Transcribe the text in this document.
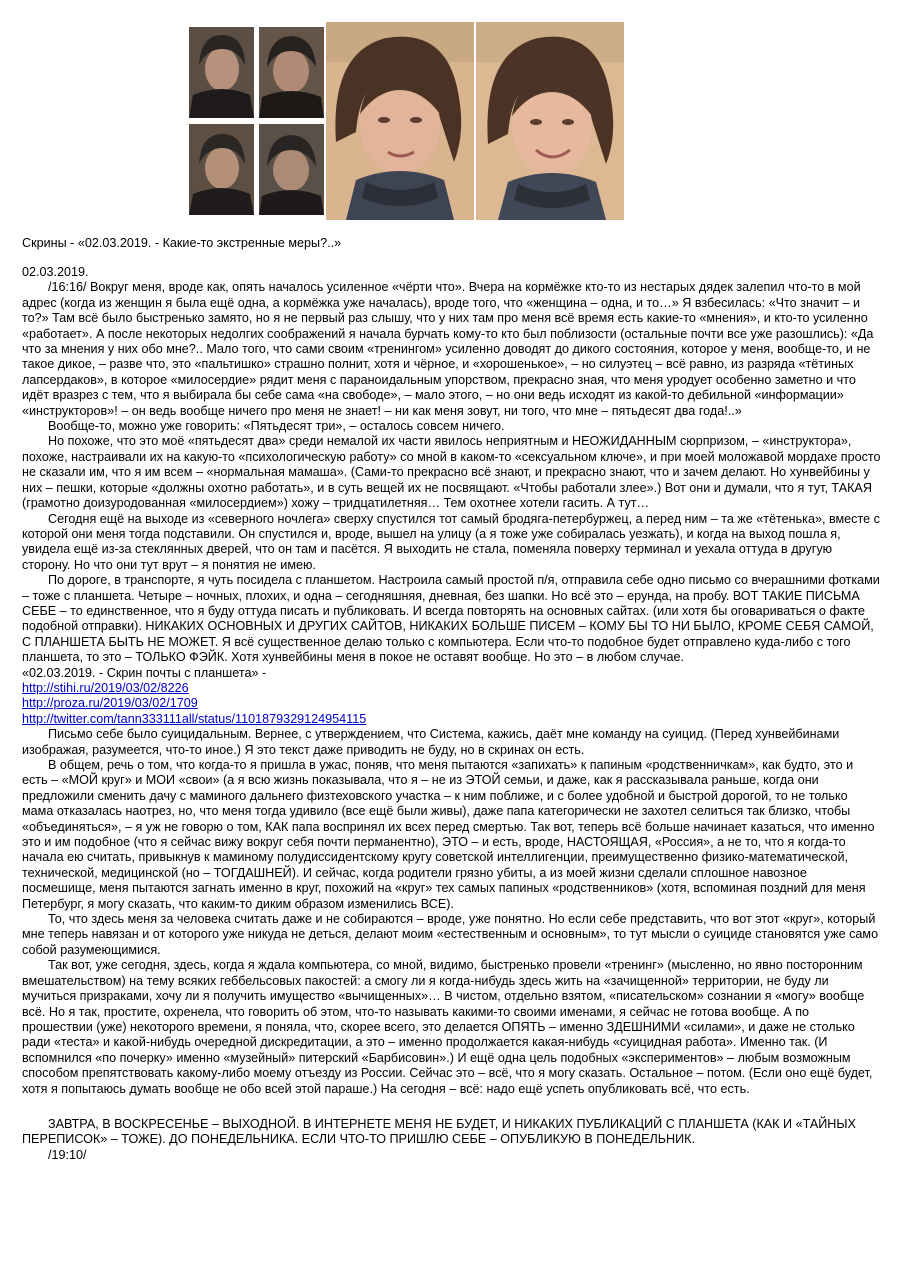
Скрины - «02.03.2019. - Какие-то экстренные меры?..»

02.03.2019.

/16:16/ Вокруг меня, вроде как, опять началось усиленное «чёрти что». Вчера на кормёжке кто-то из нестарых дядек залепил что-то в мой адрес (когда из женщин я была ещё одна, а кормёжка уже началась), вроде того, что «женщина – одна, и то…» Я взбесилась: «Что значит – и то?» Там всё было быстренько замято, но я не первый раз слышу, что у них там про меня всё время есть какие-то «мнения», и кто-то усиленно «работает». А после некоторых недолгих соображений я начала бурчать кому-то кто был поблизости (остальные почти все уже разошлись): «Да что за мнения у них обо мне?.. Мало того, что сами своим «тренингом» усиленно доводят до дикого состояния, которое у меня, вообще-то, и не такое дикое, – разве что, это «пальтишко» страшно полнит, хотя и чёрное, и «хорошенькое», – но силуэтец – всё равно, из разряда «тётиных лапсердаков», в которое «милосердие» рядит меня с параноидальным упорством, прекрасно зная, что меня уродует особенно заметно и что идёт вразрез с тем, что я выбирала бы себе сама «на свободе», – мало этого, – но они ведь исходят из какой-то дебильной «информации» «инструкторов»! – он ведь вообще ничего про меня не знает! – ни как меня зовут, ни того, что мне – пятьдесят два года!..»

Вообще-то, можно уже говорить: «Пятьдесят три», – осталось совсем ничего.

Но похоже, что это моё «пятьдесят два» среди немалой их части явилось неприятным и НЕОЖИДАННЫМ сюрпризом, – «инструктора», похоже, настраивали их на какую-то «психологическую работу» со мной в каком-то «сексуальном ключе», и при моей моложавой мордахе просто не сказали им, что я им всем – «нормальная мамаша». (Сами-то прекрасно всё знают, и прекрасно знают, что и зачем делают. Но хунвейбины у них – пешки, которые «должны охотно работать», и в суть вещей их не посвящают. «Чтобы работали злее».) Вот они и думали, что я тут, ТАКАЯ (грамотно доизуродованная «милосердием») хожу – тридцатилетняя… Тем охотнее хотели гасить. А тут…

Сегодня ещё на выходе из «северного ночлега» сверху спустился тот самый бродяга-петербуржец, а перед ним – та же «тётенька», вместе с которой они меня тогда подставили. Он спустился и, вроде, вышел на улицу (а я тоже уже собиралась уезжать), и когда на выход пошла я, увидела ещё из-за стеклянных дверей, что он там и пасётся. Я выходить не стала, поменяла поверху терминал и уехала оттуда в другую сторону. Но что они тут врут – я понятия не имею.

По дороге, в транспорте, я чуть посидела с планшетом. Настроила самый простой п/я, отправила себе одно письмо со вчерашними фотками – тоже с планшета. Четыре – ночных, плохих, и одна – сегодняшняя, дневная, без шапки. Но всё это – ерунда, на пробу. ВОТ ТАКИЕ ПИСЬМА СЕБЕ – то единственное, что я буду оттуда писать и публиковать. И всегда повторять на основных сайтах. (или хотя бы оговариваться о факте подобной отправки). НИКАКИХ ОСНОВНЫХ И ДРУГИХ САЙТОВ, НИКАКИХ БОЛЬШЕ ПИСЕМ – КОМУ БЫ ТО НИ БЫЛО, КРОМЕ СЕБЯ САМОЙ, С ПЛАНШЕТА БЫТЬ НЕ МОЖЕТ. Я всё существенное делаю только с компьютера. Если что-то подобное будет отправлено куда-либо с того планшета, то это – ТОЛЬКО ФЭЙК. Хотя хунвейбины меня в покое не оставят вообще. Но это – в любом случае.

«02.03.2019. - Скрин почты с планшета» -

http://stihi.ru/2019/03/02/8226
http://proza.ru/2019/03/02/1709
http://twitter.com/tann333111all/status/1101879329124954115

Письмо себе было суицидальным. Вернее, с утверждением, что Система, кажись, даёт мне команду на суицид. (Перед хунвейбинами изображая, разумеется, что-то иное.) Я это текст даже приводить не буду, но в скринах он есть.

В общем, речь о том, что когда-то я пришла в ужас, поняв, что меня пытаются «запихать» к папиным «родственничкам», как будто, это и есть – «МОЙ круг» и МОИ «свои» (а я всю жизнь показывала, что я – не из ЭТОЙ семьи, и даже, как я рассказывала раньше, когда они предложили сменить дачу с маминого дальнего физтеховского участка – к ним поближе, и с более удобной и быстрой дорогой, то не только мама отказалась наотрез, но, что меня тогда удивило (все ещё были живы), даже папа категорически не захотел селиться так близко, чтобы «объединяться», – я уж не говорю о том, КАК папа воспринял их всех перед смертью. Так вот, теперь всё больше начинает казаться, что именно это и им подобное (что я сейчас вижу вокруг себя почти перманентно), ЭТО – и есть, вроде, НАСТОЯЩАЯ, «Россия», а не то, что я когда-то начала ею считать, привыкнув к маминому полудиссидентскому кругу советской интеллигенции, преимущественно физико-математической, технической, медицинской (но – ТОГДАШНЕЙ). И сейчас, когда родители грязно убиты, а из моей жизни сделали сплошное навозное посмешище, меня пытаются загнать именно в круг, похожий на «круг» тех самых папиных «родственников» (хотя, вспоминая поздний для меня Петербург, я могу сказать, что каким-то диким образом изменились ВСЕ).

То, что здесь меня за человека считать даже и не собираются – вроде, уже понятно. Но если себе представить, что вот этот «круг», который мне теперь навязан и от которого уже никуда не деться, делают моим «естественным и основным», то тут мысли о суициде становятся уже само собой разумеющимися.

Так вот, уже сегодня, здесь, когда я ждала компьютера, со мной, видимо, быстренько провели «тренинг» (мысленно, но явно посторонним вмешательством) на тему всяких геббельсовых пакостей: а смогу ли я когда-нибудь здесь жить на «зачищенной» территории, не буду ли мучиться призраками, хочу ли я получить имущество «вычищенных»… В чистом, отдельно взятом, «писательском» сознании я «могу» вообще всё. Но я так, простите, охренела, что говорить об этом, что-то называть какими-то своими именами, я сейчас не готова вообще. А по прошествии (уже) некоторого времени, я поняла, что, скорее всего, это делается ОПЯТЬ – именно ЗДЕШНИМИ «силами», и даже не столько ради «теста» и какой-нибудь очередной дискредитации, а это – именно продолжается какая-нибудь «суицидная работа». Именно так. (И вспомнился «по почерку» именно «музейный» питерский «Барбисовин».) И ещё одна цель подобных «экспериментов» – любым возможным способом препятствовать какому-либо моему отъезду из России. Сейчас это – всё, что я могу сказать. Остальное – потом. (Если оно ещё будет, хотя я попытаюсь думать вообще не обо всей этой параше.) На сегодня – всё: надо ещё успеть опубликовать всё, что есть.

ЗАВТРА, В ВОСКРЕСЕНЬЕ – ВЫХОДНОЙ. В ИНТЕРНЕТЕ МЕНЯ НЕ БУДЕТ, И НИКАКИХ ПУБЛИКАЦИЙ С ПЛАНШЕТА (КАК И «ТАЙНЫХ ПЕРЕПИСОК» – ТОЖЕ). ДО ПОНЕДЕЛЬНИКА. ЕСЛИ ЧТО-ТО ПРИШЛЮ СЕБЕ – ОПУБЛИКУЮ В ПОНЕДЕЛЬНИК.

/19:10/
